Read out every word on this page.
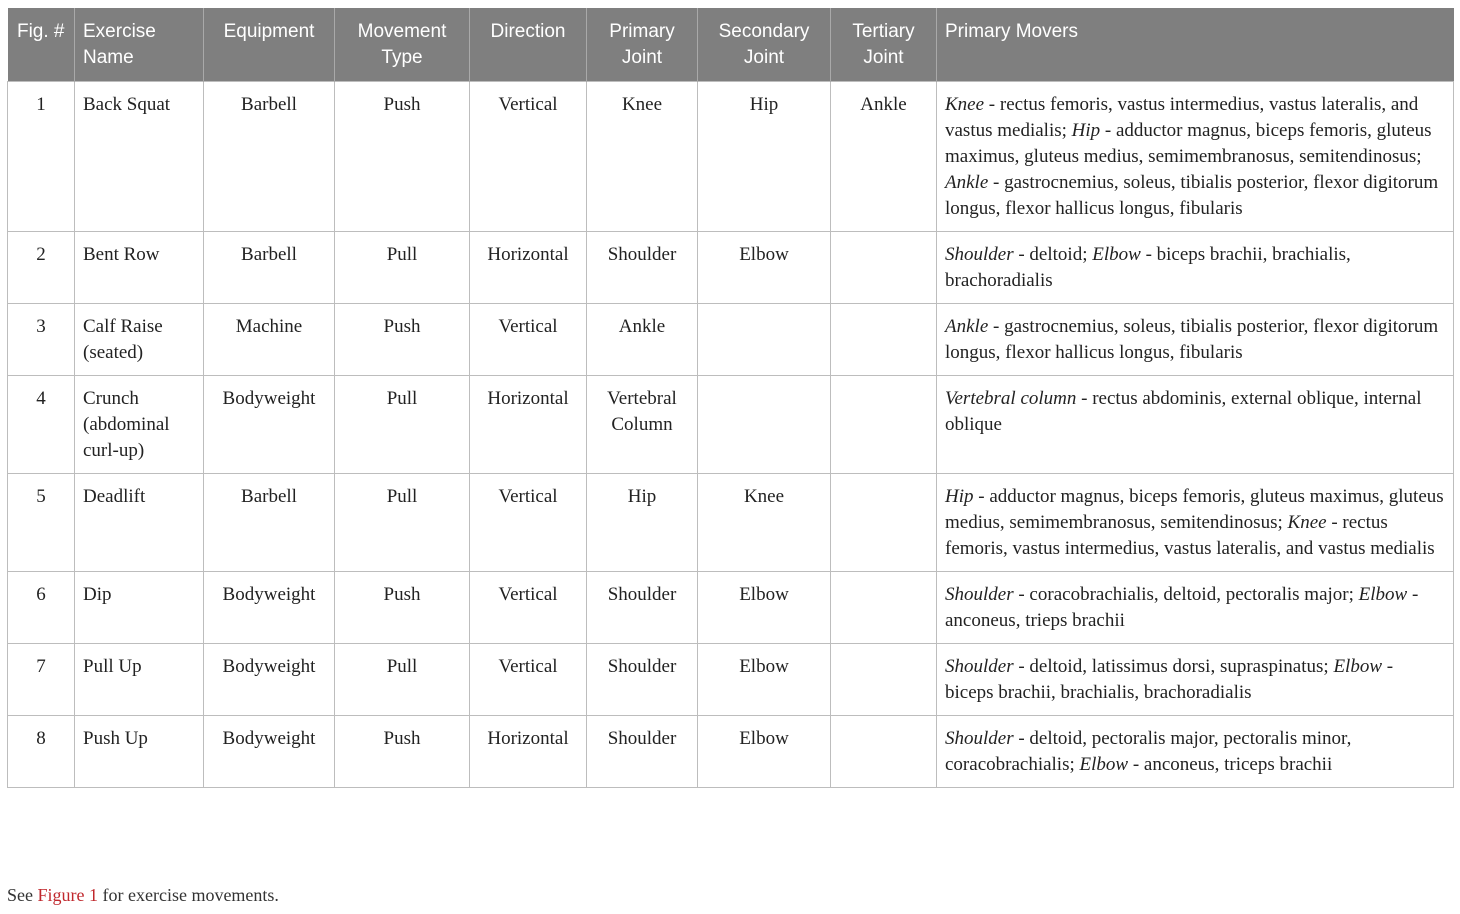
Fig. #	Exercise Name	Equipment	Movement Type	Direction	Primary Joint	Secondary Joint	Tertiary Joint	Primary Movers
1	Back Squat	Barbell	Push	Vertical	Knee	Hip	Ankle	Knee - rectus femoris, vastus intermedius, vastus lateralis, and vastus medialis; Hip - adductor magnus, biceps femoris, gluteus maximus, gluteus medius, semimembranosus, semitendinosus; Ankle - gastrocnemius, soleus, tibialis posterior, flexor digitorum longus, flexor hallicus longus, fibularis
2	Bent Row	Barbell	Pull	Horizontal	Shoulder	Elbow		Shoulder - deltoid; Elbow - biceps brachii, brachialis, brachoradialis
3	Calf Raise (seated)	Machine	Push	Vertical	Ankle			Ankle - gastrocnemius, soleus, tibialis posterior, flexor digitorum longus, flexor hallicus longus, fibularis
4	Crunch (abdominal curl-up)	Bodyweight	Pull	Horizontal	Vertebral Column			Vertebral column - rectus abdominis, external oblique, internal oblique
5	Deadlift	Barbell	Pull	Vertical	Hip	Knee		Hip - adductor magnus, biceps femoris, gluteus maximus, gluteus medius, semimembranosus, semitendinosus; Knee - rectus femoris, vastus intermedius, vastus lateralis, and vastus medialis
6	Dip	Bodyweight	Push	Vertical	Shoulder	Elbow		Shoulder - coracobrachialis, deltoid, pectoralis major; Elbow - anconeus, trieps brachii
7	Pull Up	Bodyweight	Pull	Vertical	Shoulder	Elbow		Shoulder - deltoid, latissimus dorsi, supraspinatus; Elbow - biceps brachii, brachialis, brachoradialis
8	Push Up	Bodyweight	Push	Horizontal	Shoulder	Elbow		Shoulder - deltoid, pectoralis major, pectoralis minor, coracobrachialis; Elbow - anconeus, triceps brachii
See Figure 1 for exercise movements.
